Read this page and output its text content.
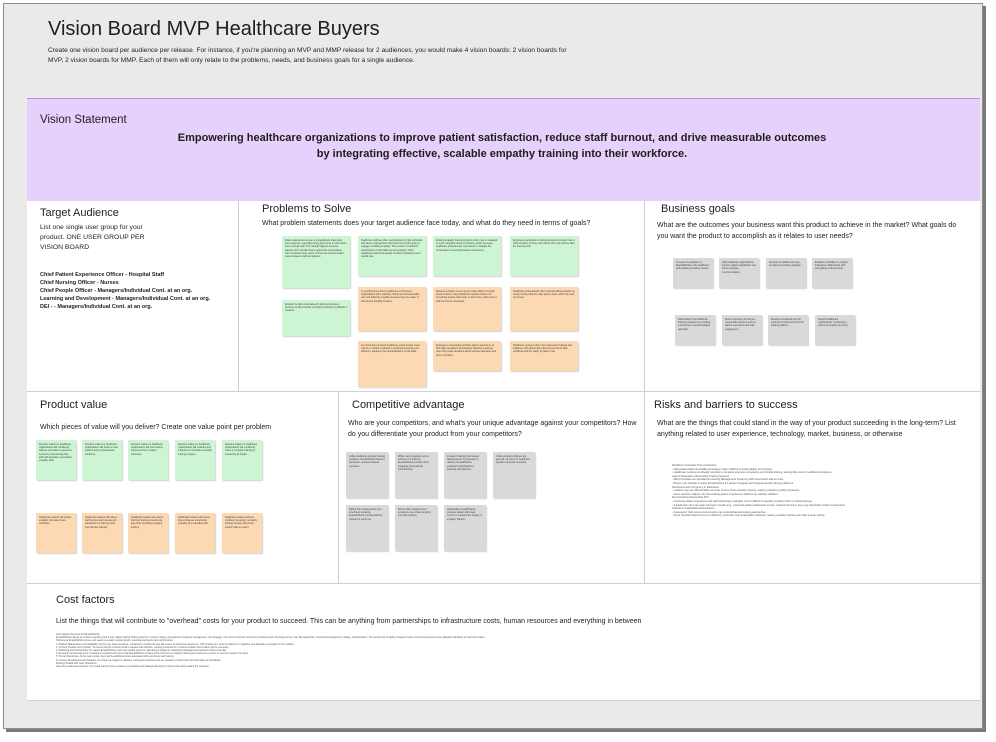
Vision Board MVP Healthcare Buyers
Create one vision board per audience per release. For instance, if you're planning an MVP and MMP release for 2 audiences, you would make 4 vision boards: 2 vision boards for MVP, 2 vision boards for MMP. Each of them will only relate to the problems, needs, and business goals for a single audience.
Vision Statement
Empowering healthcare organizations to improve patient satisfaction, reduce staff burnout, and drive measurable outcomes by integrating effective, scalable empathy training into their workforce.
Target Audience
List one single user group for your product. ONE USER GROUP PER VISION BOARD
Chief Patient Experience Officer - Hospital Staff
Chief Nursing Officer - Nurses
Chief People Officer - Managers/Individual Cont. at an org.
Learning and Development - Managers/Individual Cont. at an org.
DEI - - Managers/Individual Cont. at an org.
Problems to Solve
What problem statements does your target audience face today, and what do they need in terms of goals?
Patient experience scores in a hospital are often lower than expected, especially during busy times or when there aren't enough staff. This usually happens because patients don't feel like they're getting the personalized care or attention they need, so there are communication issues between staff and patients.
Healthcare staff are often overwhelmed by high workloads and stress, leaving them with limited time and energy to engage in building empathy. This results in insufficient development of soft skills such as empathy, which negatively impacts the quality of patient interactions and overall care.
Existing empathy training programs often rely on outdated or overly simplistic views of empathy, which can leave healthcare professionals unprepared to navigate the complexities of real-world patient interactions.
Employees participate in training programs to learn how to build empathy, but they often fail to put it into practice after the training ends.
Empathy is often undervalued in training structures because its direct impact on clinical outcomes is difficult to measure.
In a performance-driven healthcare environment, organizations often prioritize clinical and technical skills over soft skills like empathy because they are easier to directly and tangibly measure.
Because empathy is seen as an innate ability or a basic human instinct, many healthcare workers believe it's something people either have or don't have, rather than a skill that can be developed.
Healthcare professionals often misunderstand empathy as simply feeling what the other person feels, which can lead to burnout.
In performance-focused healthcare environments, there may be a cultural emphasis on technical expertise and efficiency, leading to the marginalization of soft skills.
Employees occasionally prioritize patient experience at both daily operations and strategic planning meetings, when they make decisions about resource allocation and policy formation.
Healthcare systems often have fragmented training and initiatives, with efforts often disconnected from daily workflows and the reality of patient care.
Business goals
What are the outcomes your business want this product to achieve in the market? What goals do you want the product to accomplish as it relates to user needs?
Increase the adoption of EmpathWorks in the healthcare and wellness providers market.
Help healthcare organizations improve patient satisfaction and boost employee recommendation.
Develop a scalable and easy-to-implement training program.
Establish credibility in empathy training by collaborating with and getting endorsements.
Differentiate from traditional training programs by providing a structured, research-backed approach.
Show customers and buyers measurable improvements in patient experience and staff engagement.
Develop a feedback loop for continuous improvement of the training platform.
Support healthcare organizations in fostering a culture of empathy and trust.
Product value
Which pieces of value will you deliver? Create one value point per problem
Decision makers in healthcare organizations will confidently address low patient experience scores by empowering their staff with practical, measurable empathy skills.
Decision makers in healthcare organizations will foster a more resilient and compassionate workforce.
Decision makers in healthcare organizations will drive lasting improvements in patient outcomes.
Decision makers in healthcare organizations will embrace and integrate an innovative empathy training program.
Decision makers in healthcare organizations will confidently invest in empathy training by measuring its impact.
Healthcare leaders will embed empathy into patient care workflows.
Healthcare leaders will reduce staff burnout and increase job satisfaction by offering quick and effective training.
Healthcare leaders will ensure that their training investments pay off by providing engaging training.
Healthcare leaders will ensure that employees understand empathy as a learnable skill.
Healthcare leaders will feel confident investing in empathy training because they know exactly what to expect.
Competitive advantage
Who are your competitors, and what's your unique advantage against your competitors? How do you differentiate your product from your competitors?
Unlike traditional empathy training programs, EmpathWorks features interactive, research-backed exercises.
While many programs rely on lectures or e-learning, EmpathWorks provides short, engaging, and practical microlearning.
Instead of training that creates defensiveness by focusing on 'deficits', EmpathWorks empowers participants by fostering self-reflection.
Unlike programs that are too general, we focus on healthcare-specific real-world scenarios.
Rather than using generic one-size-fits-all solutions, EmpathWorks provides tailored content for each role.
Where other programs feel temporary, we embed empathy into daily routines.
Additionally, EmpathWorks provides leaders with clear metrics to measure the impact of empathy training.
Risks and barriers to success
What are the things that could stand in the way of your product succeeding in the long-term? List anything related to user experience, technology, market, business, or otherwise
Workforce Constraint Time Constraints
- High patient loads and staffing shortages make it difficult to justify adding new training.
- Healthcare workers are already required to complete extensive compliance and clinical training, leaving little room for additional programs.
Lack of Integration with Existing Training Systems
- Many hospitals use specialized Learning Management Systems (LMS) that restrict add-on tools.
- Buyers may hesitate to adopt EmpathWorks if it doesn't integrate with hospital-specific training platforms.
Perceived Lack of Urgency or Relevance
- Leaders may see 'Mental Skills' as lower in terms than empathy training, making it harder to justify investment.
- Some decision makers may feel existing patient experience initiatives are already sufficient.
Demonstrating Measurable ROI
- Improving patient experience and staff well-being is valuable, but it's difficult to quantify empathy's ROI in clinical settings.
- If leadership can't see clear short-term results (e.g., improved patient satisfaction scores, reduced turnover), they may deprioritize further investments.
Cultural & Organizational Resistance
- Fast-paced, high-stress environments may resist behavioral training approaches.
- Some hospital cultures focus on efficiency, protocols, and measurable outcomes, making empathy training seem like a lower priority.
Cost factors
List the things that will contribute to "overhead" costs for your product to succeed. This can be anything from partnerships to infrastructure costs, human resources and everything in between
Cost Factors Overview for EmpathWorks:
EmpathWorks intends to continue operating with a lean, skilled staff (including experts in content, design, development, business management, and strategy). The current structure minimizes overhead costs, focusing our key roles like leadership, commercial development, design, and illustration. The overall cost to highly competent team ensures that resources are allocated effectively to maximize impact.
Humans as EmpathWorks grows, and seeks to sustain medical growth, potential overhead costs might include:
1. Platform Maintenance and Scalability: As the user base increases, investment in scaling the app will ensure an improved experience. This includes any costs for platform or upgrades and hardware necessary for the solution.
2. Content Creation and Curation: To ensure that the content remains relevant and effective, ongoing investments in content creation and curation will be necessary.
3. Marketing and Partnerships: To expand EmpathWorks reach and market presence, allocating a budget for marketing campaigns and outreach will be essential.
4. Research and Development: Investing in research will ensure that EmpathWorks remains at the forefront of empathy training and continues to evolve to meet the needs of its users.
5. Human Resources: As the team grows, there will be additional costs associated with recruitment and training.
6. Content Development and Updates: As content is created or updated, continuous improvements are needed to reflect both new information and feedback.
Moving Forward with Lean Operations:
Given the small team structure, it's crucial that the focus remains on innovation and strategic planning to control costs while scaling the company.
